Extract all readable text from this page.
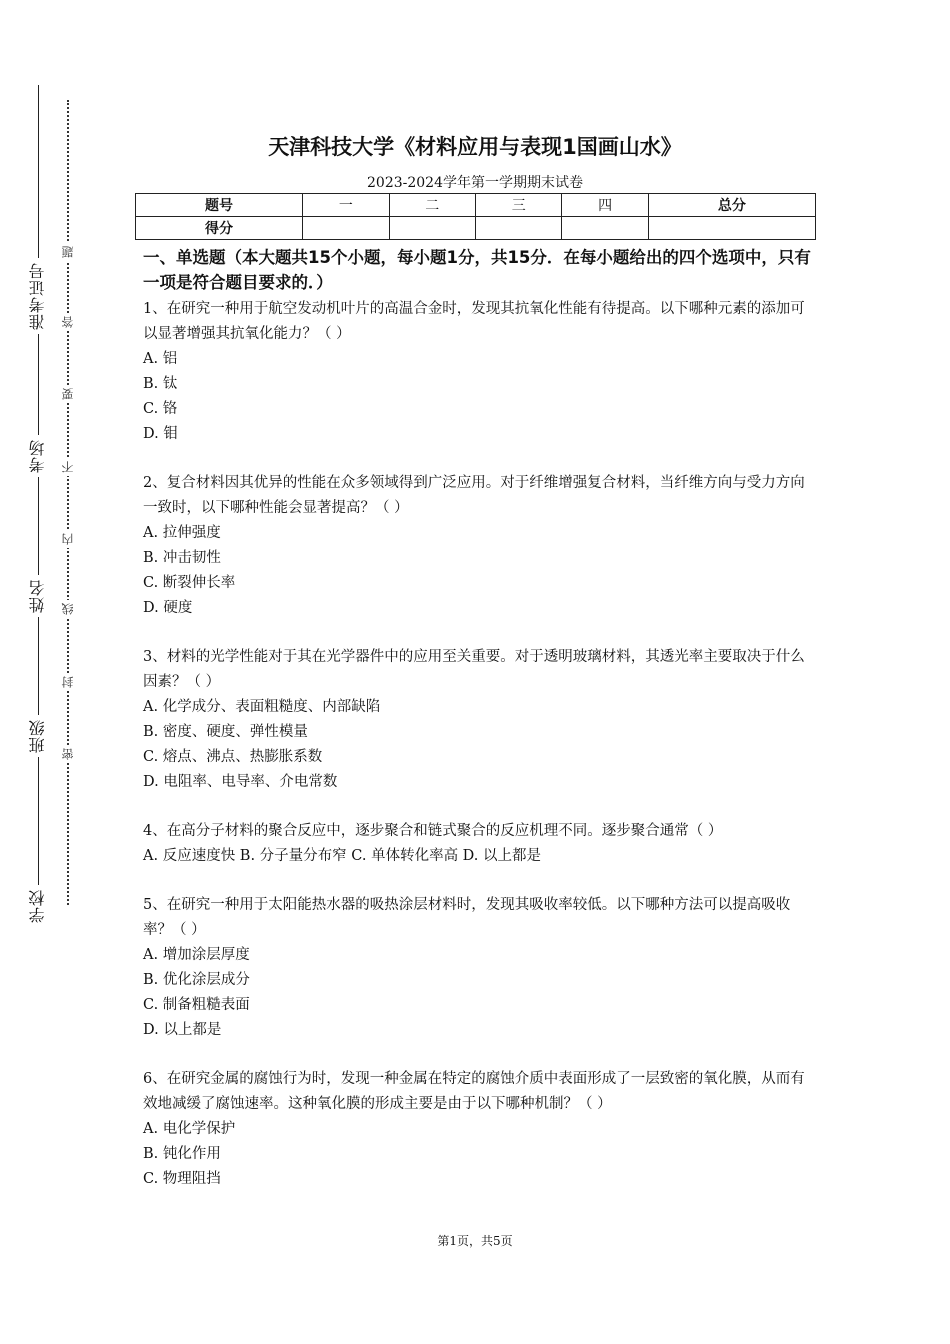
准考证号
考场
姓名
班级
学校
题
答
要
不
内
线
封
密
天津科技大学《材料应用与表现1国画山水》
2023-2024学年第一学期期末试卷
题号	一	二	三	四	总分
得分					
一、单选题（本大题共15个小题，每小题1分，共15分．在每小题给出的四个选项中，只有一项是符合题目要求的．）
1、在研究一种用于航空发动机叶片的高温合金时，发现其抗氧化性能有待提高。以下哪种元素的添加可以显著增强其抗氧化能力？（ ）
A. 铝
B. 钛
C. 铬
D. 钼
2、复合材料因其优异的性能在众多领域得到广泛应用。对于纤维增强复合材料，当纤维方向与受力方向一致时，以下哪种性能会显著提高？（ ）
A. 拉伸强度
B. 冲击韧性
C. 断裂伸长率
D. 硬度
3、材料的光学性能对于其在光学器件中的应用至关重要。对于透明玻璃材料，其透光率主要取决于什么因素？（ ）
A. 化学成分、表面粗糙度、内部缺陷
B. 密度、硬度、弹性模量
C. 熔点、沸点、热膨胀系数
D. 电阻率、电导率、介电常数
4、在高分子材料的聚合反应中，逐步聚合和链式聚合的反应机理不同。逐步聚合通常（ ）
A. 反应速度快 B. 分子量分布窄 C. 单体转化率高 D. 以上都是
5、在研究一种用于太阳能热水器的吸热涂层材料时，发现其吸收率较低。以下哪种方法可以提高吸收率？（ ）
A. 增加涂层厚度
B. 优化涂层成分
C. 制备粗糙表面
D. 以上都是
6、在研究金属的腐蚀行为时，发现一种金属在特定的腐蚀介质中表面形成了一层致密的氧化膜，从而有效地减缓了腐蚀速率。这种氧化膜的形成主要是由于以下哪种机制？（ ）
A. 电化学保护
B. 钝化作用
C. 物理阻挡
第1页，共5页
